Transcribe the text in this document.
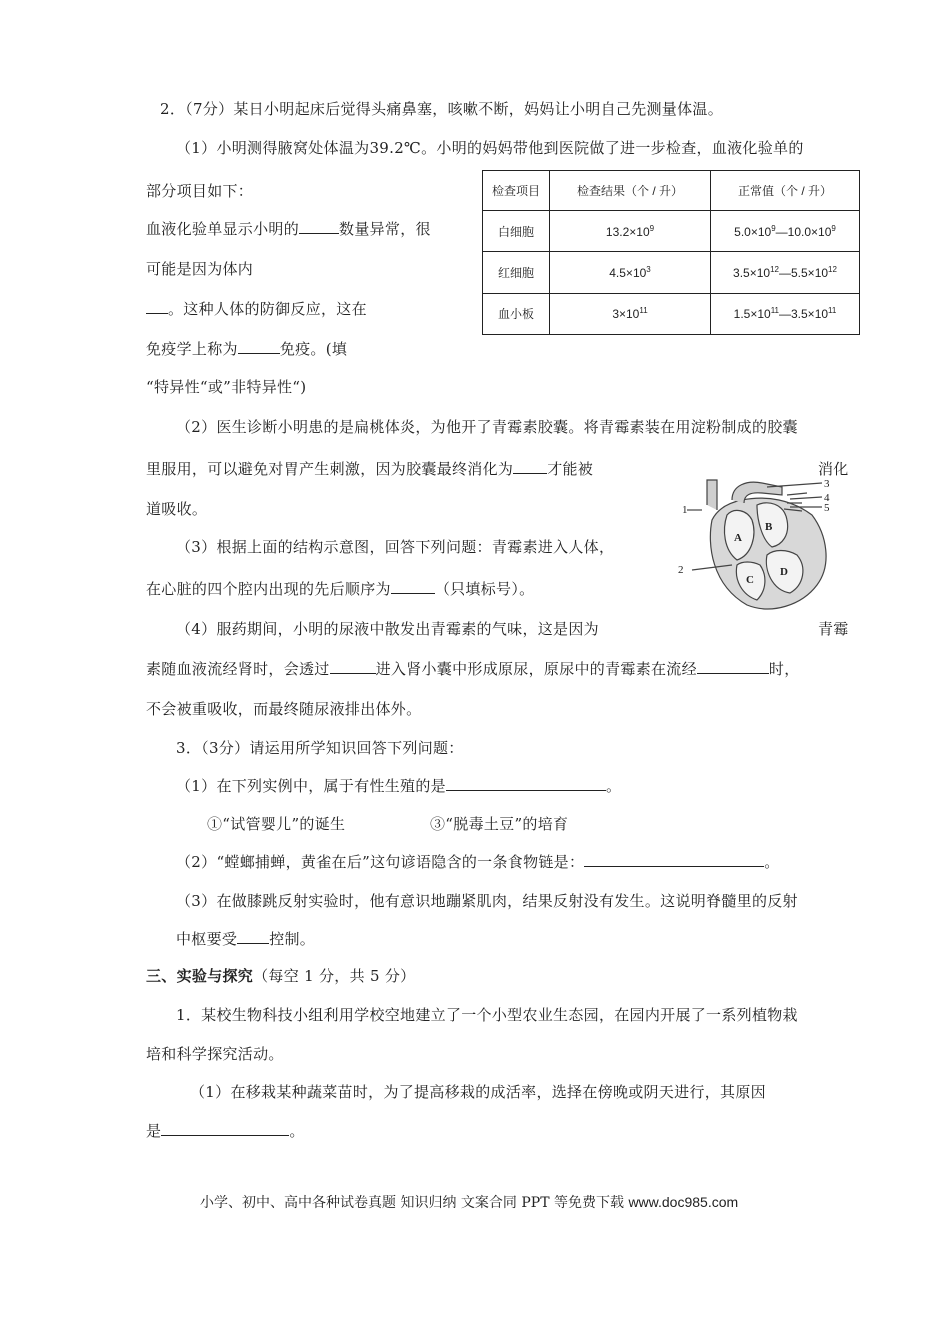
2．（7分）某日小明起床后觉得头痛鼻塞，咳嗽不断，妈妈让小明自己先测量体温。
（1）小明测得腋窝处体温为39.2℃。小明的妈妈带他到医院做了进一步检查，血液化验单的
部分项目如下：
血液化验单显示小明的	数量异常，很
可能是因为体内
。这种人体的防御反应，这在
免疫学上称为	免疫。(填
“特异性“或”非特异性“)
检查项目	检查结果（个 / 升）	正常值（个 / 升）
白细胞	$13.2\times 10^9$	$5.0\times 10^9—10.0\times 10^9$
红细胞	$4.5\times 10^3$	$3.5\times 10^{12}—5.5\times 10^{12}$
血小板	$3\times 10^{11}$	$1.5\times 10^{11}—3.5\times 10^{11}$
（2）医生诊断小明患的是扁桃体炎，为他开了青霉素胶囊。将青霉素装在用淀粉制成的胶囊
里服用，可以避免对胃产生刺激，因为胶囊最终消化为 才能被	消化
道吸收。	1
2
3
4
5
A
B
C
D
（3）根据上面的结构示意图，回答下列问题：青霉素进入人体，
在心脏的四个腔内出现的先后顺序为	（只填标号）。
（4）服药期间，小明的尿液中散发出青霉素的气味，这是因为	青霉
素随血液流经肾时，会透过	进入肾小囊中形成原尿，原尿中的青霉素在流经	时，
不会被重吸收，而最终随尿液排出体外。
3．（3分）请运用所学知识回答下列问题：
（1）在下列实例中，属于有性生殖的是	。
①“试管婴儿”的诞生	③“脱毒土豆”的培育
（2）“螳螂捕蝉，黄雀在后”这句谚语隐含的一条食物链是：	。
（3）在做膝跳反射实验时，他有意识地蹦紧肌肉，结果反射没有发生。这说明脊髓里的反射
中枢要受 控制。
三、实验与探究（每空 1 分，共 5 分）
1．某校生物科技小组利用学校空地建立了一个小型农业生态园，在园内开展了一系列植物栽
培和科学探究活动。
（1）在移栽某种蔬菜苗时，为了提高移栽的成活率，选择在傍晚或阴天进行，其原因
是	。
小学、初中、高中各种试卷真题 知识归纳 文案合同 PPT 等免费下载 www.doc985.com
